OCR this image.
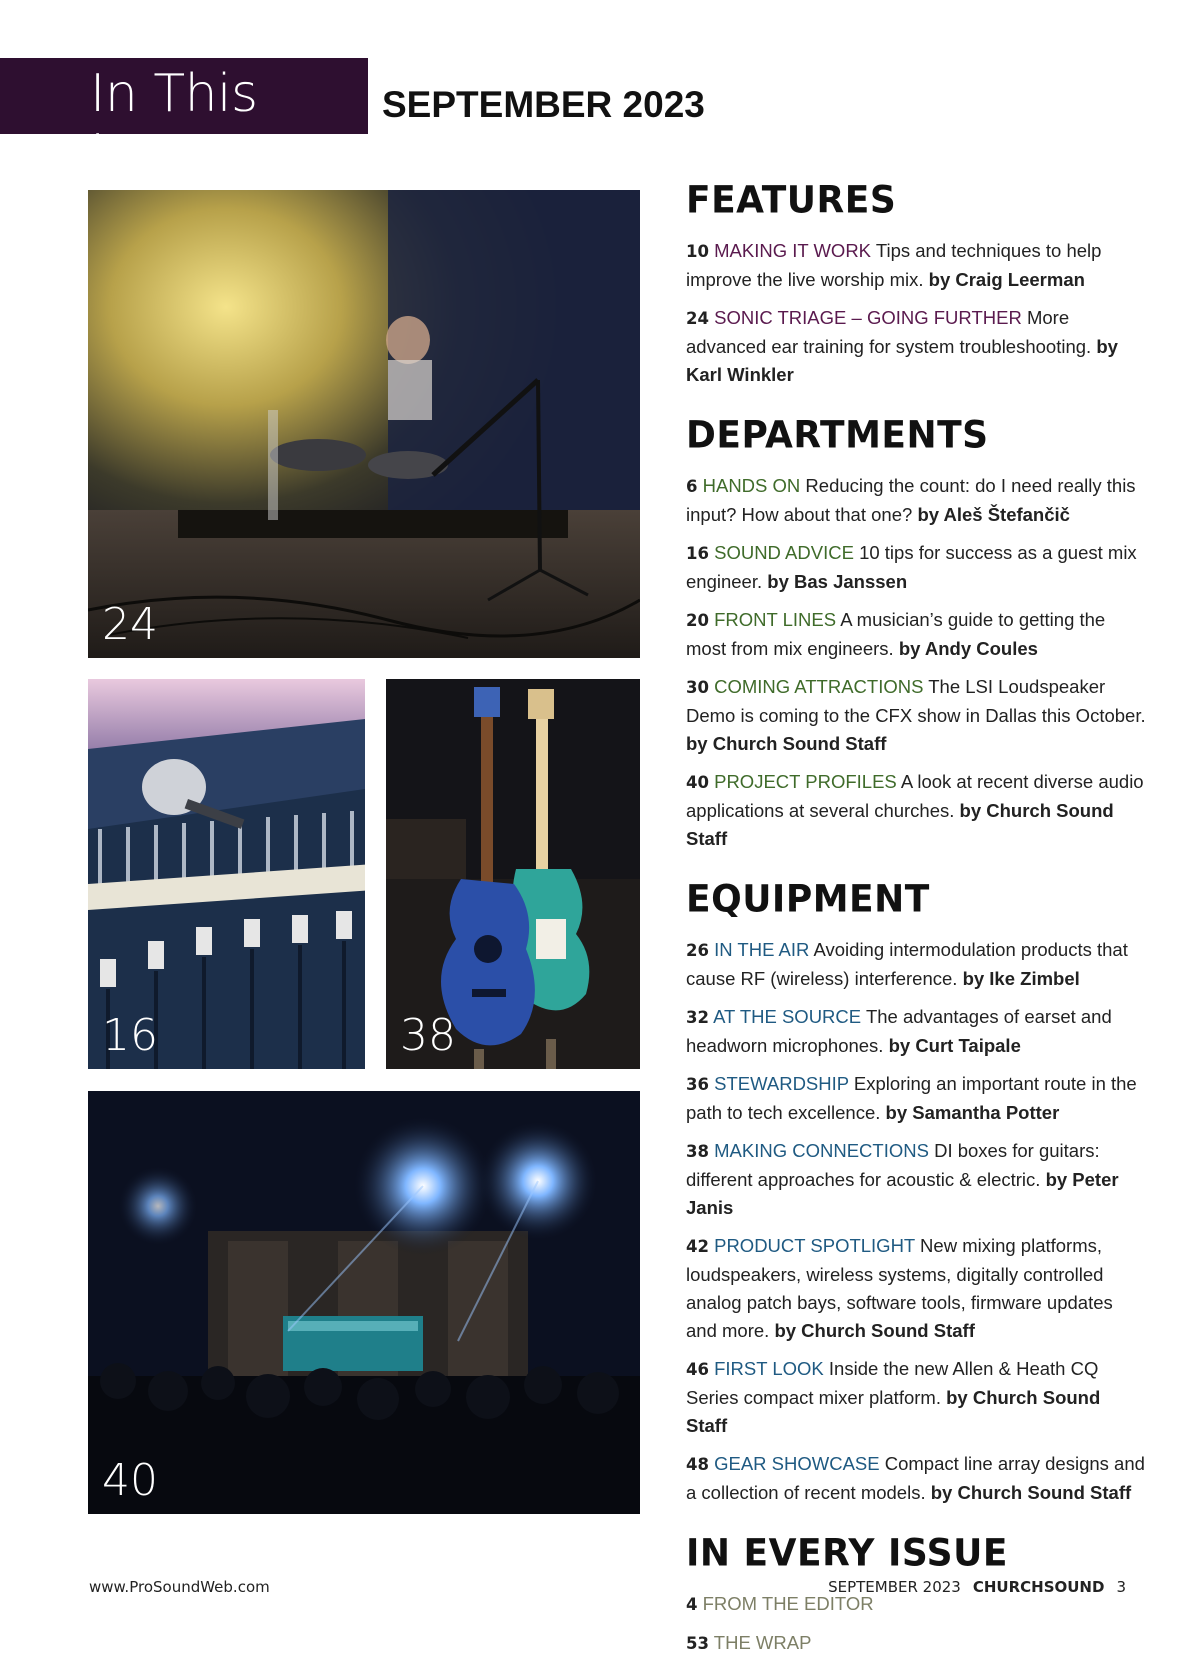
In This Issue
SEPTEMBER 2023
24
16	38
40
FEATURES
10 MAKING IT WORK Tips and techniques to help improve the live worship mix. by Craig Leerman
24 SONIC TRIAGE – GOING FURTHER More advanced ear training for system troubleshooting. by Karl Winkler
DEPARTMENTS
6 HANDS ON Reducing the count: do I need really this input? How about that one? by Aleš Štefančič
16 SOUND ADVICE 10 tips for success as a guest mix engineer. by Bas Janssen
20 FRONT LINES A musician’s guide to getting the most from mix engineers. by Andy Coules
30 COMING ATTRACTIONS The LSI Loudspeaker Demo is coming to the CFX show in Dallas this October. by Church Sound Staff
40 PROJECT PROFILES A look at recent diverse audio applications at several churches. by Church Sound Staff
EQUIPMENT
26 IN THE AIR Avoiding intermodulation products that cause RF (wireless) interference. by Ike Zimbel
32 AT THE SOURCE The advantages of earset and headworn microphones. by Curt Taipale
36 STEWARDSHIP Exploring an important route in the path to tech excellence. by Samantha Potter
38 MAKING CONNECTIONS DI boxes for guitars: different approaches for acoustic & electric. by Peter Janis
42 PRODUCT SPOTLIGHT New mixing platforms, loudspeakers, wireless systems, digitally controlled analog patch bays, software tools, firmware updates and more. by Church Sound Staff
46 FIRST LOOK Inside the new Allen & Heath CQ Series compact mixer platform. by Church Sound Staff
48 GEAR SHOWCASE Compact line array designs and a collection of recent models. by Church Sound Staff
IN EVERY ISSUE
4 FROM THE EDITOR
53 THE WRAP
www.ProSoundWeb.com	SEPTEMBER 2023 CHURCHSOUND 3
